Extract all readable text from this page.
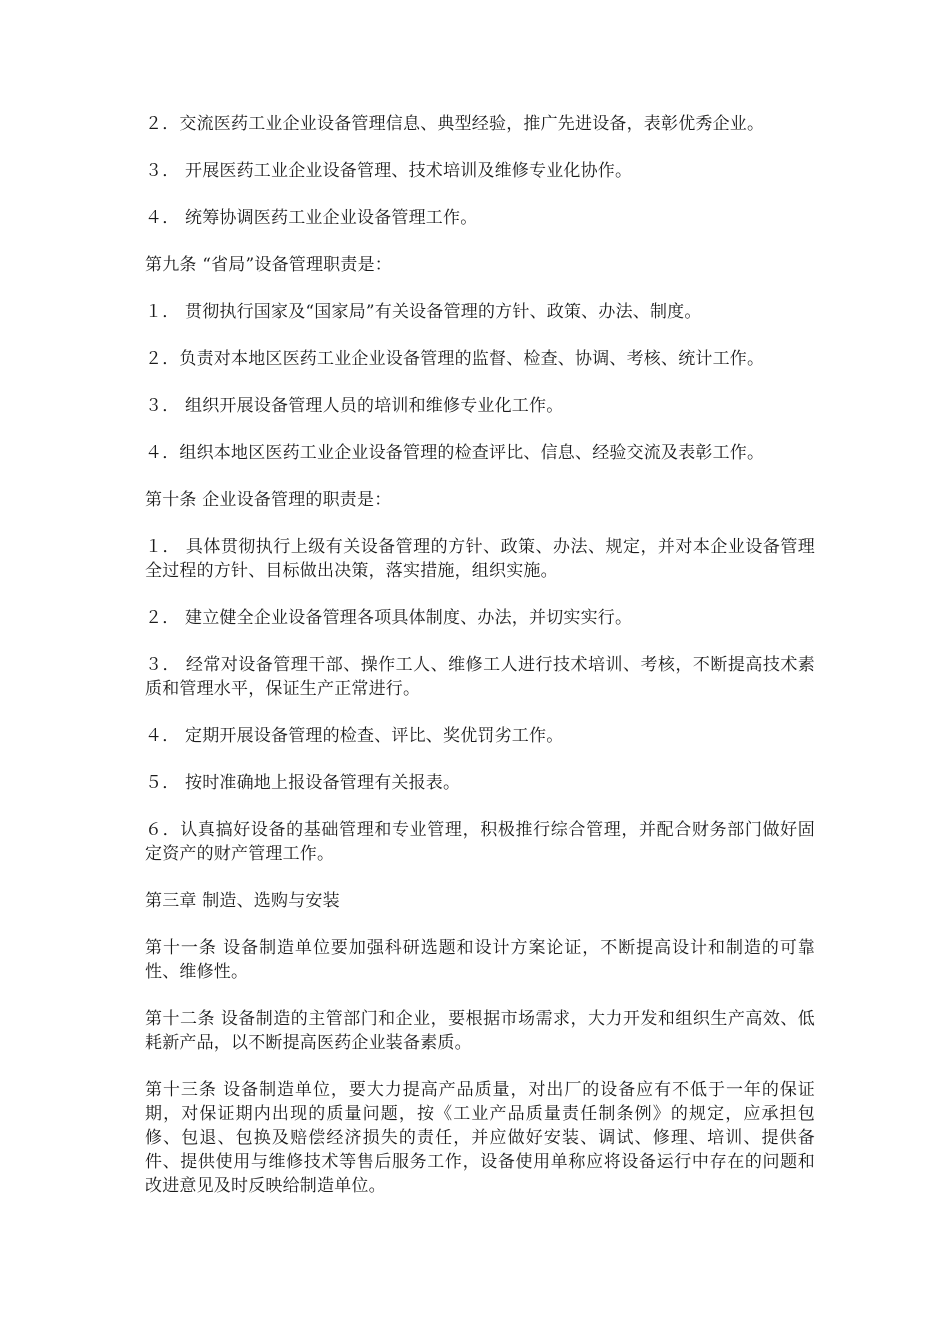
２．交流医药工业企业设备管理信息、典型经验，推广先进设备，表彰优秀企业。

３． 开展医药工业企业设备管理、技术培训及维修专业化协作。

４． 统筹协调医药工业企业设备管理工作。

第九条 “省局”设备管理职责是：

１． 贯彻执行国家及“国家局”有关设备管理的方针、政策、办法、制度。

２．负责对本地区医药工业企业设备管理的监督、检查、协调、考核、统计工作。

３． 组织开展设备管理人员的培训和维修专业化工作。

４．组织本地区医药工业企业设备管理的检查评比、信息、经验交流及表彰工作。

第十条 企业设备管理的职责是：

１． 具体贯彻执行上级有关设备管理的方针、政策、办法、规定，并对本企业设备管理全过程的方针、目标做出决策，落实措施，组织实施。

２． 建立健全企业设备管理各项具体制度、办法，并切实实行。

３． 经常对设备管理干部、操作工人、维修工人进行技术培训、考核，不断提高技术素质和管理水平，保证生产正常进行。

４． 定期开展设备管理的检查、评比、奖优罚劣工作。

５． 按时准确地上报设备管理有关报表。

６．认真搞好设备的基础管理和专业管理，积极推行综合管理，并配合财务部门做好固定资产的财产管理工作。

第三章 制造、选购与安装

第十一条 设备制造单位要加强科研选题和设计方案论证，不断提高设计和制造的可靠性、维修性。

第十二条 设备制造的主管部门和企业，要根据市场需求，大力开发和组织生产高效、低耗新产品，以不断提高医药企业装备素质。

第十三条 设备制造单位，要大力提高产品质量，对出厂的设备应有不低于一年的保证期，对保证期内出现的质量问题，按《工业产品质量责任制条例》的规定，应承担包修、包退、包换及赔偿经济损失的责任，并应做好安装、调试、修理、培训、提供备件、提供使用与维修技术等售后服务工作，设备使用单称应将设备运行中存在的问题和改进意见及时反映给制造单位。
